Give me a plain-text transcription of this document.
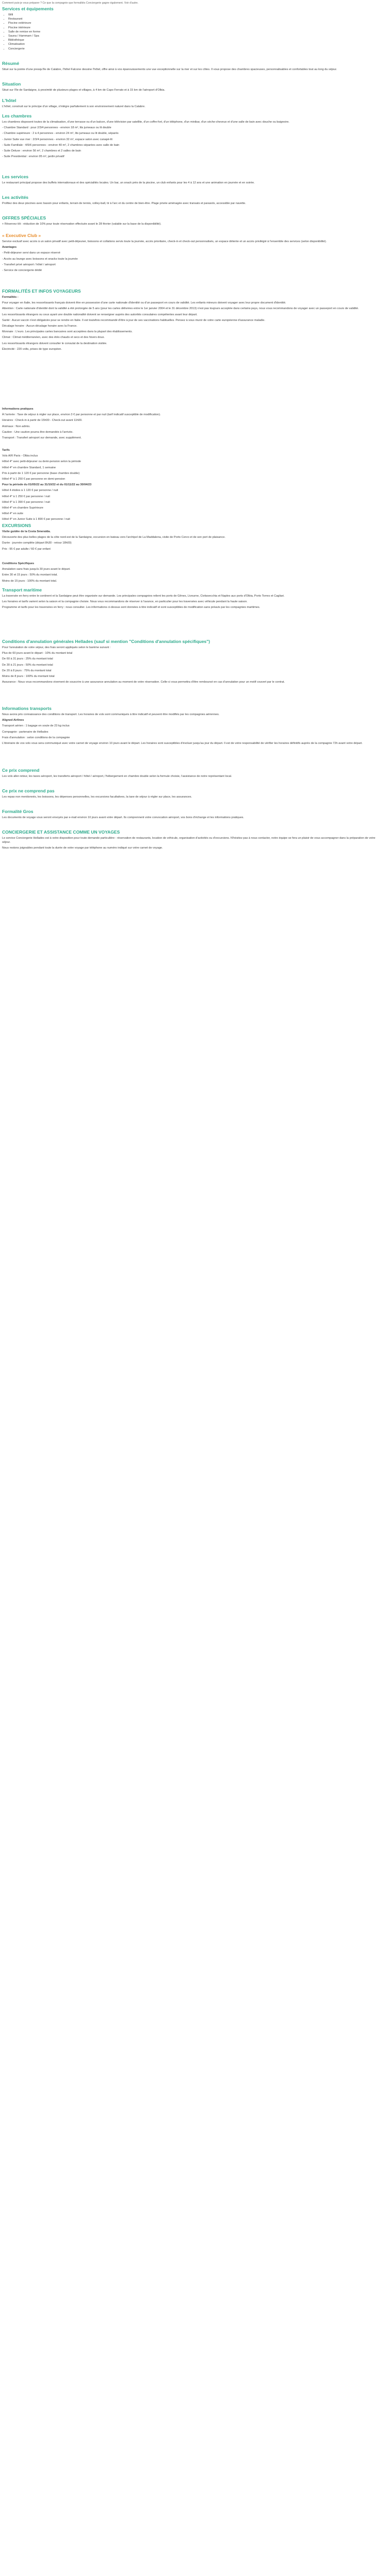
Comment puis-je vous préparer ? Ce que la compagnie que formalités Conciergerie gagne également. Voir d'autre.
Services et équipements
• Wifi
• Restaurant
• Piscine extérieure
• Piscine intérieure
• Salle de remise en forme
• Sauna / Hammam / Spa
• Bibliothèque
• Climatisation
• Conciergerie
Résumé
Situé sur la pointe d'une presqu'île de Calabre, l'hôtel Falcone dessine l'hôtel, offre ainsi à vos épanouissements une vue exceptionnelle sur la mer et sur les côtes. Il vous propose des chambres spacieuses, personnalisables et confortables tout au long du séjour.
Situation
Situé sur l'île de Sardaigne, à proximité de plusieurs plages et villages, à 4 km de Capo Ferrato et à 15 km de l'aéroport d'Olbia.
L'hôtel
L'hôtel, construit sur le principe d'un village, s'intègre parfaitement à son environnement naturel dans la Calabre.
Les chambres
Les chambres disposent toutes de la climatisation, d'une terrasse ou d'un balcon, d'une télévision par satellite, d'un coffre-fort, d'un téléphone, d'un minibar, d'un sèche-cheveux et d'une salle de bain avec douche ou baignoire.
- Chambre Standard : pour 2/3/4 personnes - environ 18 m², lits jumeaux ou lit double
- Chambre supérieure : 2 à 4 personnes - environ 24 m², lits jumeaux ou lit double, séparés
- Junior Suite vue mer : 2/3/4 personnes - environ 32 m², espace salon avec canapé-lit
- Suite Familiale : 4/5/6 personnes - environ 40 m², 2 chambres séparées avec salle de bain
- Suite Deluxe : environ 56 m², 2 chambres et 2 salles de bain
- Suite Presidential : environ 95 m², jardin privatif
Les services
Le restaurant principal propose des buffets internationaux et des spécialités locales. Un bar, un snack près de la piscine, un club enfants pour les 4 à 12 ans et une animation en journée et en soirée.
Les activités
Profitez des deux piscines avec bassin pour enfants, terrain de tennis, volley-ball, tir à l'arc et du centre de bien-être. Plage privée aménagée avec transats et parasols, accessible par navette.
OFFRES SPÉCIALES
+ Réservez tôt : réduction de 10% pour toute réservation effectuée avant le 28 février (valable sur la base de la disponibilité).
« Executive Club »
Service exclusif avec accès à un salon privatif avec petit-déjeuner, boissons et collations servis toute la journée, accès prioritaire, check-in et check-out personnalisés, un espace détente et un accès privilégié à l'ensemble des services (selon disponibilité).
Avantages
- Petit-déjeuner servi dans un espace réservé
- Accès au lounge avec boissons et snacks toute la journée
- Transfert privé aéroport / hôtel / aéroport
- Service de conciergerie dédié
FORMALITÉS ET INFOS VOYAGEURS
Formalités :
Pour voyager en Italie, les ressortissants français doivent être en possession d'une carte nationale d'identité ou d'un passeport en cours de validité. Les enfants mineurs doivent voyager avec leur propre document d'identité.
Attention : Carte nationale d'identité dont la validité a été prolongée de 5 ans (pour les cartes délivrées entre le 1er janvier 2004 et le 31 décembre 2013) n'est pas toujours acceptée dans certains pays, nous vous recommandons de voyager avec un passeport en cours de validité.
Les ressortissants étrangers ou ceux ayant une double nationalité doivent se renseigner auprès des autorités consulaires compétentes avant leur départ.
Santé : Aucun vaccin n'est obligatoire pour se rendre en Italie. Il est toutefois recommandé d'être à jour de ses vaccinations habituelles. Pensez à vous munir de votre carte européenne d'assurance maladie.
Décalage horaire : Aucun décalage horaire avec la France.
Monnaie : L'euro. Les principales cartes bancaires sont acceptées dans la plupart des établissements.
Climat : Climat méditerranéen, avec des étés chauds et secs et des hivers doux.
Les ressortissants étrangers doivent consulter le consulat de la destination visitée.
Électricité : 220 volts, prises de type européen.
Informations pratiques
À l'arrivée : Taxe de séjour à régler sur place, environ 3 € par personne et par nuit (tarif indicatif susceptible de modification).
Horaires : Check-in à partir de 15h00 - Check-out avant 11h00.
Animaux : Non admis.
Caution : Une caution pourra être demandée à l'arrivée.
Transport : Transfert aéroport sur demande, avec supplément.
Tarifs
Vols A/R Paris - Olbia inclus
Hôtel 4* avec petit-déjeuner ou demi-pension selon la période
Hôtel 4* en chambre Standard, 1 semaine
Prix à partir de 1 120 € par personne (base chambre double)
Hôtel 4* à 1 250 € par personne en demi-pension
Pour la période du 01/05/22 au 31/10/22 et du 01/11/22 au 30/04/23
Hôtel 4 étoiles à 1 120 € par personne / nuit
Hôtel 4* à 1 250 € par personne / nuit
Hôtel 4* à 1 390 € par personne / nuit
Hôtel 4* en chambre Supérieure
Hôtel 4* en suite
Hôtel 4* en Junior Suite à 1 890 € par personne / nuit
EXCURSIONS
Visite guidée de la Costa Smeralda.
Découverte des plus belles plages de la côte nord-est de la Sardaigne, excursion en bateau vers l'archipel de La Maddalena, visite de Porto Cervo et de son port de plaisance.
Durée : journée complète (départ 8h30 - retour 18h00)
Prix : 95 € par adulte / 60 € par enfant
Conditions Spécifiques
Annulation sans frais jusqu'à 30 jours avant le départ.
Entre 30 et 15 jours : 50% du montant total.
Moins de 15 jours : 100% du montant total.
Transport maritime
La traversée en ferry entre le continent et la Sardaigne peut être organisée sur demande. Les principales compagnies relient les ports de Gênes, Livourne, Civitavecchia et Naples aux ports d'Olbia, Porto Torres et Cagliari.
Les horaires et tarifs varient selon la saison et la compagnie choisie. Nous vous recommandons de réserver à l'avance, en particulier pour les traversées avec véhicule pendant la haute saison.
Programme et tarifs pour les traversées en ferry : nous consulter. Les informations ci-dessus sont données à titre indicatif et sont susceptibles de modification sans préavis par les compagnies maritimes.
Conditions d'annulation générales Hellades (sauf si mention "Conditions d'annulation spécifiques")
Pour l'annulation de votre séjour, des frais seront appliqués selon le barème suivant :
Plus de 60 jours avant le départ : 10% du montant total
De 60 à 31 jours : 25% du montant total
De 30 à 21 jours : 50% du montant total
De 20 à 8 jours : 75% du montant total
Moins de 8 jours : 100% du montant total
Assurance : Nous vous recommandons vivement de souscrire à une assurance annulation au moment de votre réservation. Celle-ci vous permettra d'être remboursé en cas d'annulation pour un motif couvert par le contrat.
Informations transports
Nous avons pris connaissance des conditions de transport. Les horaires de vols sont communiqués à titre indicatif et peuvent être modifiés par les compagnies aériennes.
Aligned Airlines
Transport aérien : 1 bagage en soute de 23 kg inclus
Compagnie : partenaire de Hellades
Frais d'annulation : selon conditions de la compagnie
L'itinéraire de vos vols vous sera communiqué avec votre carnet de voyage environ 10 jours avant le départ. Les horaires sont susceptibles d'évoluer jusqu'au jour du départ. Il est de votre responsabilité de vérifier les horaires définitifs auprès de la compagnie 72h avant votre départ.
Ce prix comprend
Les vols aller-retour, les taxes aéroport, les transferts aéroport / hôtel / aéroport, l'hébergement en chambre double selon la formule choisie, l'assistance de notre représentant local.
Ce prix ne comprend pas
Les repas non mentionnés, les boissons, les dépenses personnelles, les excursions facultatives, la taxe de séjour à régler sur place, les assurances.
Formalité Gros
Les documents de voyage vous seront envoyés par e-mail environ 10 jours avant votre départ. Ils comprennent votre convocation aéroport, vos bons d'échange et les informations pratiques.
CONCIERGERIE ET ASSISTANCE COMME UN VOYAGES
Le service Conciergerie Hellades est à votre disposition pour toute demande particulière : réservation de restaurants, location de véhicule, organisation d'activités ou d'excursions. N'hésitez pas à nous contacter, notre équipe se fera un plaisir de vous accompagner dans la préparation de votre séjour.
Nous restons joignables pendant toute la durée de votre voyage par téléphone au numéro indiqué sur votre carnet de voyage.
